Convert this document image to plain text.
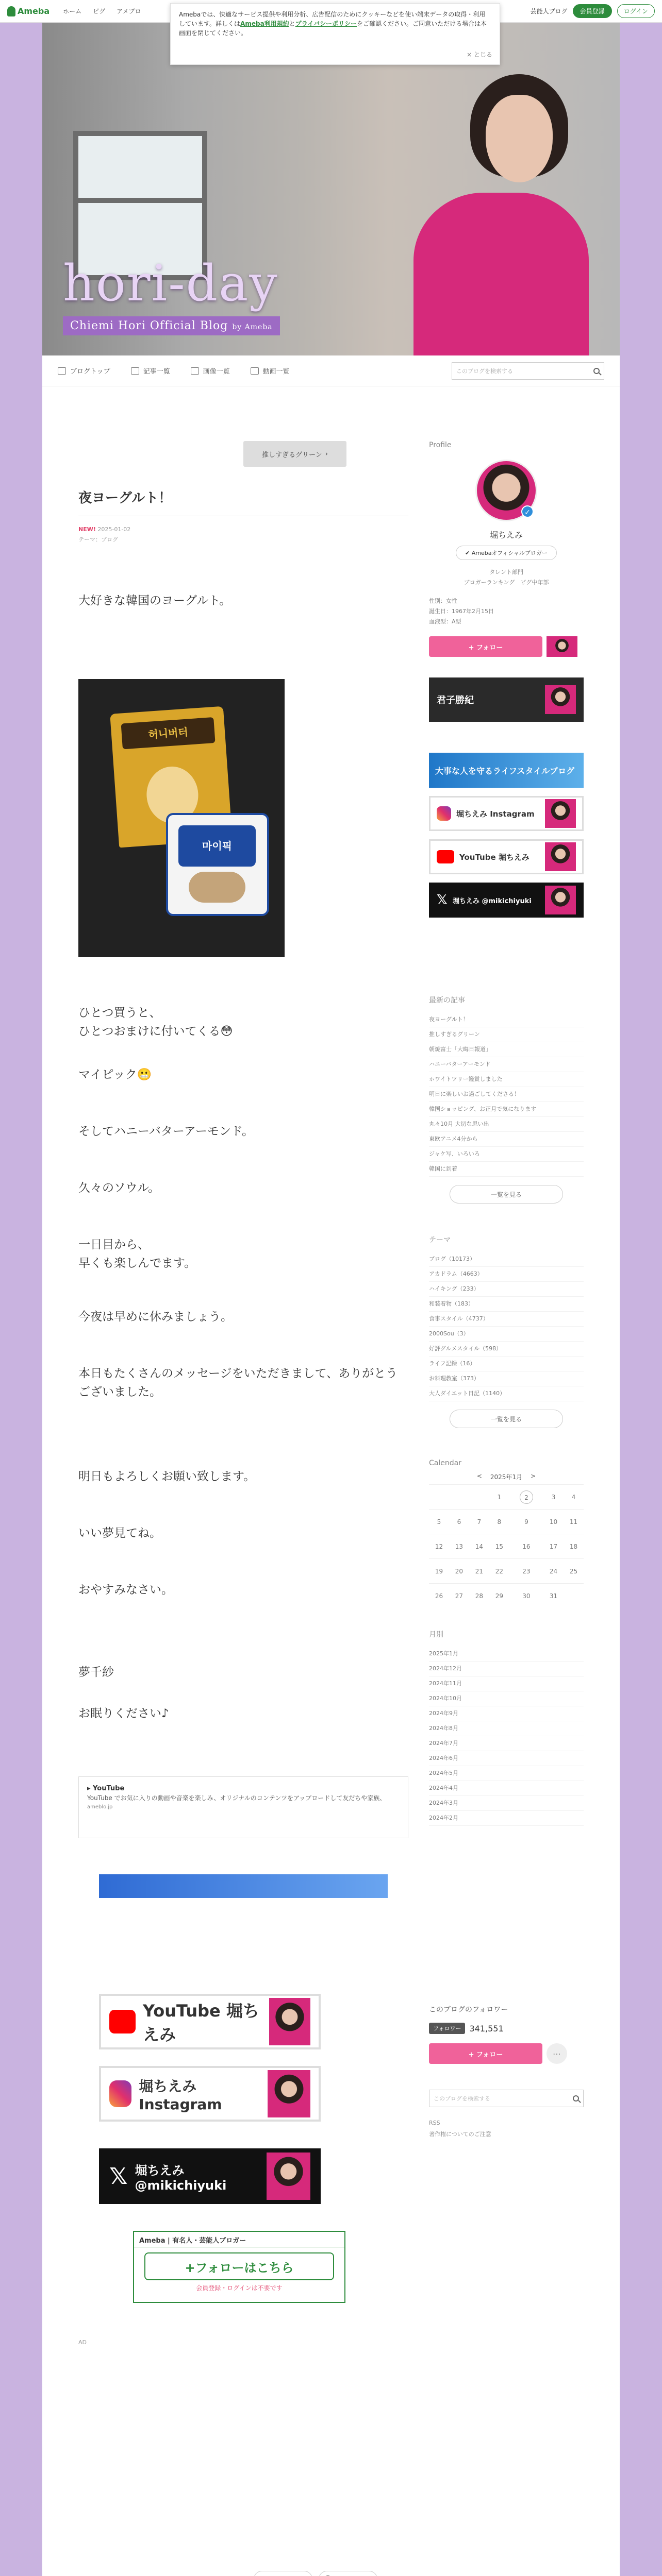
Ameba ホーム ピグ アメブロ	芸能人ブログ	会員登録	ログイン
Amebaでは、快適なサービス提供や利用分析、広告配信のためにクッキーなどを使い端末データの取得・利用しています。詳しくはAmeba利用規約とプライバシーポリシーをご確認ください。ご同意いただける場合は本画面を閉じてください。
× とじる
hori-day
Chiemi Hori Official Blog by Ameba
ブログトップ	記事一覧	画像一覧	動画一覧	このブログを検索する
推しすぎるグリーン ›
夜ヨーグルト！
NEW! 2025-01-02
テーマ：ブログ
大好きな韓国のヨーグルト。
허니버터
마이픽
ひとつ買うと、
ひとつおまけに付いてくる😳
マイピック😬
そしてハニーバターアーモンド。
久々のソウル。
一日目から、
早くも楽しんでます。
今夜は早めに休みましょう。
本日もたくさんのメッセージをいただきまして、ありがとうございました。
明日もよろしくお願い致します。
いい夢見てね。
おやすみなさい。
夢千紗
お眠りください♪
▸ YouTube
YouTube でお気に入りの動画や音楽を楽しみ、オリジナルのコンテンツをアップロードして友だちや家族、
ameblo.jp
Profile
✓
堀ちえみ
✔ Amebaオフィシャルブロガー
タレント部門
ブロガーランキング　ピグ中年部
性別：女性
誕生日：1967年2月15日
血液型：A型
+ フォロー
君子勝紀
大事な人を守るライフスタイルブログ
堀ちえみ Instagram
YouTube 堀ちえみ
𝕏 堀ちえみ @mikichiyuki
最新の記事
夜ヨーグルト！
推しすぎるグリーン
朝焼富士「大晦日報道」
ハニーバターアーモンド
ホワイトツリー鑑賞しました
明日に楽しいお過ごしてくださる！
韓国ショッピング、お正月で気になります
丸々10月 大切な思い出
東欧アニメ4分から
ジャケ写、いろいろ
韓国に到着
一覧を見る
テーマ
ブログ（10173）
アカドラム（4663）
ハイキング（233）
和装着物（183）
食事スタイル（4737）
2000Sou（3）
好評グルメスタイル（598）
ライフ記録（16）
お料理教室（373）
大人ダイエット日記（1140）
一覧を見る
Calendar
< 2025年1月 >
			1	2	3	4
5	6	7	8	9	10	11
12	13	14	15	16	17	18
19	20	21	22	23	24	25
26	27	28	29	30	31	
月別
2025年1月
2024年12月
2024年11月
2024年10月
2024年9月
2024年8月
2024年7月
2024年6月
2024年5月
2024年4月
2024年3月
2024年2月
YouTube 堀ちえみ
堀ちえみ Instagram
𝕏 堀ちえみ @mikichiyuki
Ameba | 有名人・芸能人ブロガー
+フォローはこちら
会員登録・ログインは不要です
AD
このブログのフォロワー
フォロワー	341,551
+ フォロー	⋯
このブログを検索する
RSS
著作権についてのご注意
